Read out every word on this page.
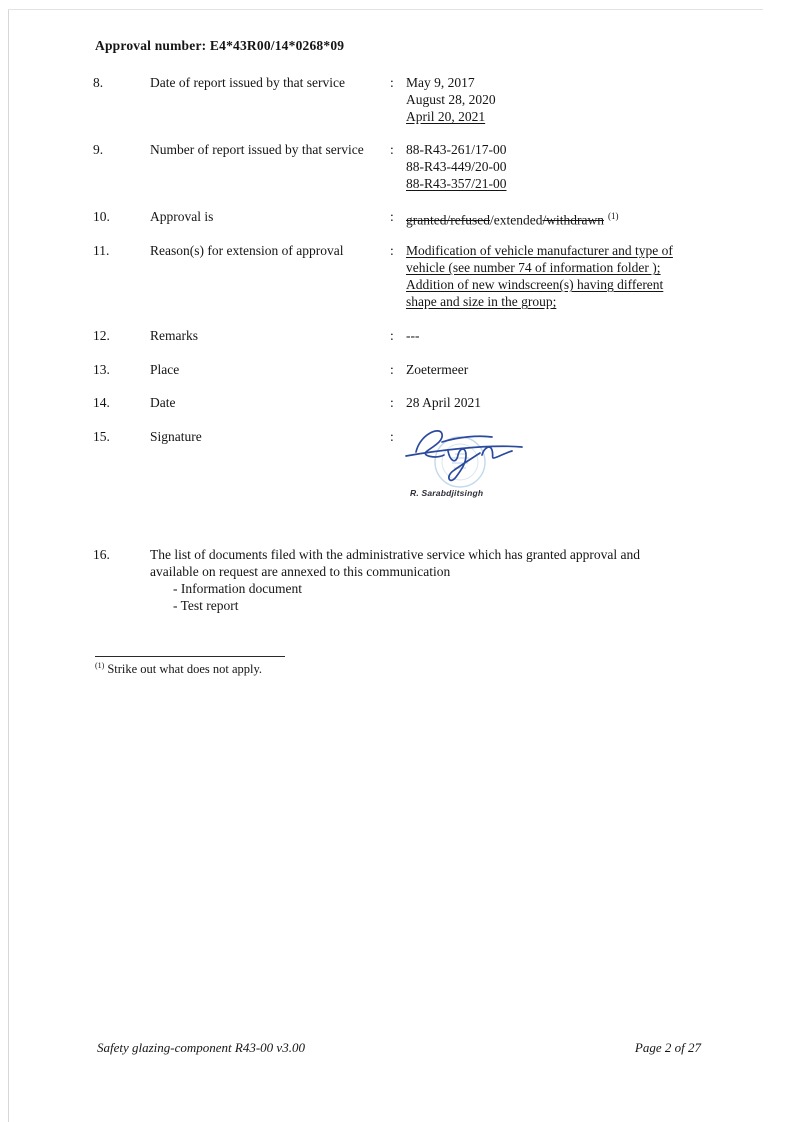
Approval number: E4*43R00/14*0268*09
8.	Date of report issued by that service	: May 9, 2017
August 28, 2020
April 20, 2021
9.	Number of report issued by that service	: 88-R43-261/17-00
88-R43-449/20-00
88-R43-357/21-00
10.	Approval is	: granted/refused/extended/withdrawn $^{(1)}$
11.	Reason(s) for extension of approval	: Modification of vehicle manufacturer and type of
vehicle (see number 74 of information folder );
Addition of new windscreen(s) having different
shape and size in the group;
12.	Remarks	: ---
13.	Place	: Zoetermeer
14.	Date	: 28 April 2021
15.	Signature	:
R. Sarabdjitsingh
16.	The list of documents filed with the administrative service which has granted approval and
available on request are annexed to this communication
- Information document
- Test report
$^{(1)}$ Strike out what does not apply.
Safety glazing-component R43-00 v3.00	Page 2 of 27
